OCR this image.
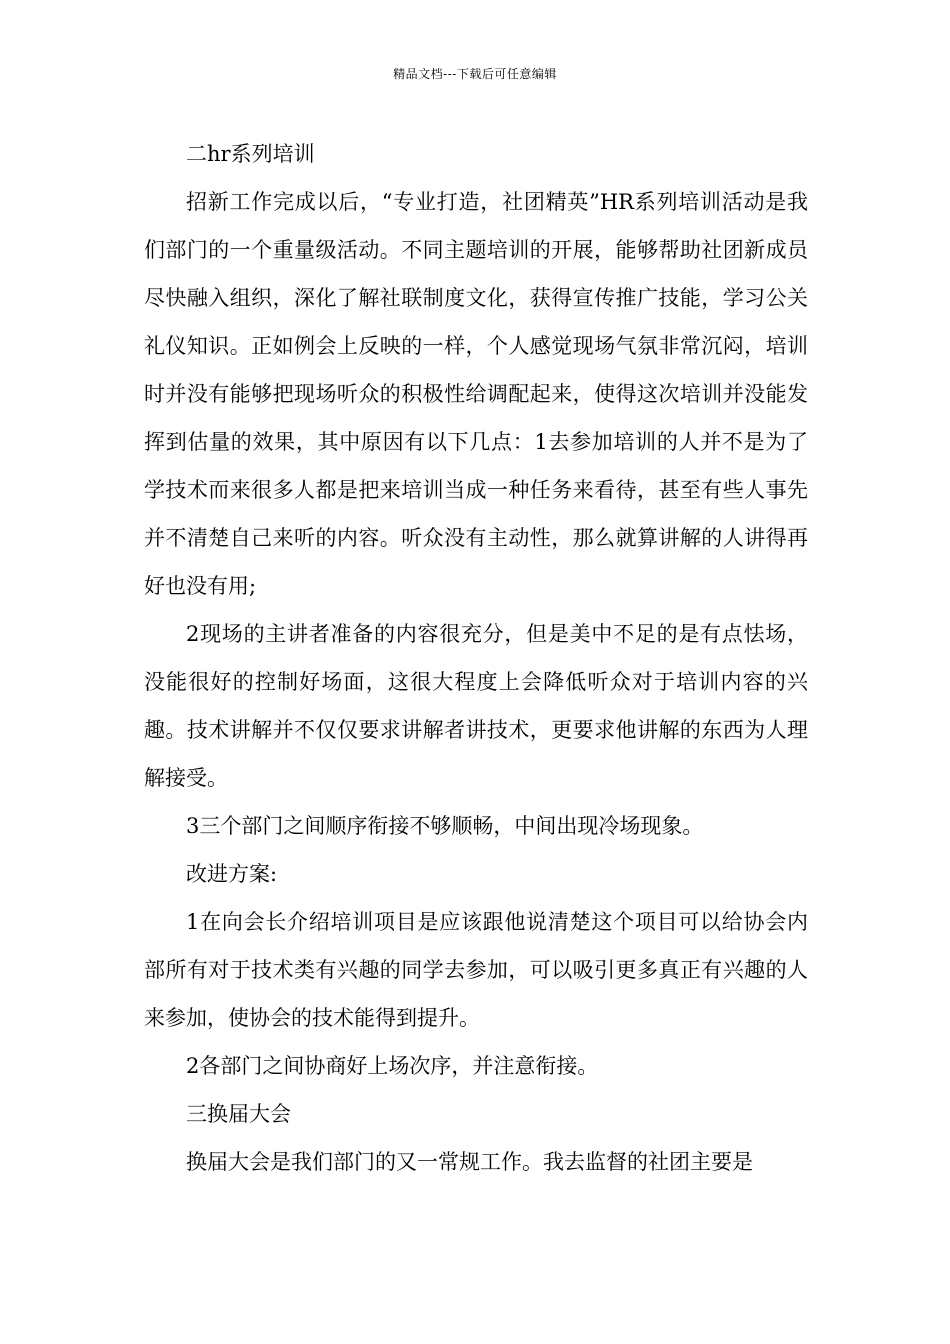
精品文档---下载后可任意编辑

二hr系列培训

招新工作完成以后，“专业打造，社团精英”HR系列培训活动是我们部门的一个重量级活动。不同主题培训的开展，能够帮助社团新成员尽快融入组织，深化了解社联制度文化，获得宣传推广技能，学习公关礼仪知识。正如例会上反映的一样，个人感觉现场气氛非常沉闷，培训时并没有能够把现场听众的积极性给调配起来，使得这次培训并没能发挥到估量的效果，其中原因有以下几点：1去参加培训的人并不是为了学技术而来很多人都是把来培训当成一种任务来看待，甚至有些人事先并不清楚自己来听的内容。听众没有主动性，那么就算讲解的人讲得再好也没有用;

2现场的主讲者准备的内容很充分，但是美中不足的是有点怯场，没能很好的控制好场面，这很大程度上会降低听众对于培训内容的兴趣。技术讲解并不仅仅要求讲解者讲技术，更要求他讲解的东西为人理解接受。

3三个部门之间顺序衔接不够顺畅，中间出现冷场现象。

改进方案:

1在向会长介绍培训项目是应该跟他说清楚这个项目可以给协会内部所有对于技术类有兴趣的同学去参加，可以吸引更多真正有兴趣的人来参加，使协会的技术能得到提升。

2各部门之间协商好上场次序，并注意衔接。

三换届大会

换届大会是我们部门的又一常规工作。我去监督的社团主要是
